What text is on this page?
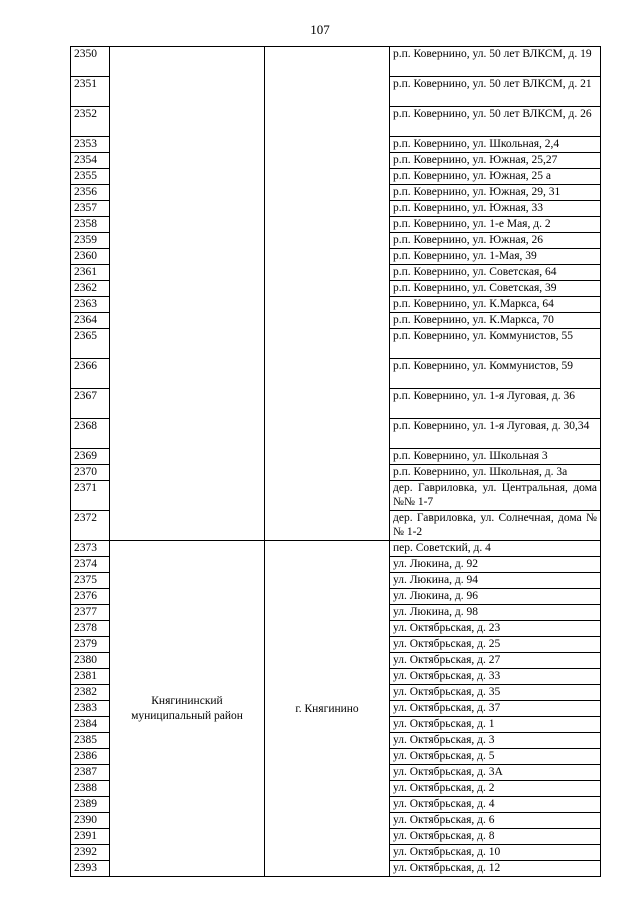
107
2350			р.п. Ковернино, ул. 50 лет ВЛКСМ, д. 19
2351			р.п. Ковернино, ул. 50 лет ВЛКСМ, д. 21
2352			р.п. Ковернино, ул. 50 лет ВЛКСМ, д. 26
2353			р.п. Ковернино, ул. Школьная, 2,4
2354			р.п. Ковернино, ул. Южная, 25,27
2355			р.п. Ковернино, ул. Южная, 25 а
2356			р.п. Ковернино, ул. Южная, 29, 31
2357			р.п. Ковернино, ул. Южная, 33
2358			р.п. Ковернино, ул. 1-е Мая, д. 2
2359			р.п. Ковернино, ул. Южная, 26
2360			р.п. Ковернино, ул. 1-Мая, 39
2361			р.п. Ковернино, ул. Советская, 64
2362			р.п. Ковернино, ул. Советская, 39
2363			р.п. Ковернино, ул. К.Маркса, 64
2364			р.п. Ковернино, ул. К.Маркса, 70
2365			р.п. Ковернино, ул. Коммунистов, 55
2366			р.п. Ковернино, ул. Коммунистов, 59
2367			р.п. Ковернино, ул. 1-я Луговая, д. 36
2368			р.п. Ковернино, ул. 1-я Луговая, д. 30,34
2369			р.п. Ковернино, ул. Школьная 3
2370			р.п. Ковернино, ул. Школьная, д. 3а
2371			дер. Гавриловка, ул. Центральная, дома №№ 1-7
2372			дер. Гавриловка, ул. Солнечная, дома №№ 1-2
2373	Княгининский муниципальный район	г. Княгинино	пер. Советский, д. 4
2374			ул. Люкина, д. 92
2375			ул. Люкина, д. 94
2376			ул. Люкина, д. 96
2377			ул. Люкина, д. 98
2378			ул. Октябрьская, д. 23
2379			ул. Октябрьская, д. 25
2380			ул. Октябрьская, д. 27
2381			ул. Октябрьская, д. 33
2382			ул. Октябрьская, д. 35
2383			ул. Октябрьская, д. 37
2384			ул. Октябрьская, д. 1
2385			ул. Октябрьская, д. 3
2386			ул. Октябрьская, д. 5
2387			ул. Октябрьская, д. 3А
2388			ул. Октябрьская, д. 2
2389			ул. Октябрьская, д. 4
2390			ул. Октябрьская, д. 6
2391			ул. Октябрьская, д. 8
2392			ул. Октябрьская, д. 10
2393			ул. Октябрьская, д. 12
